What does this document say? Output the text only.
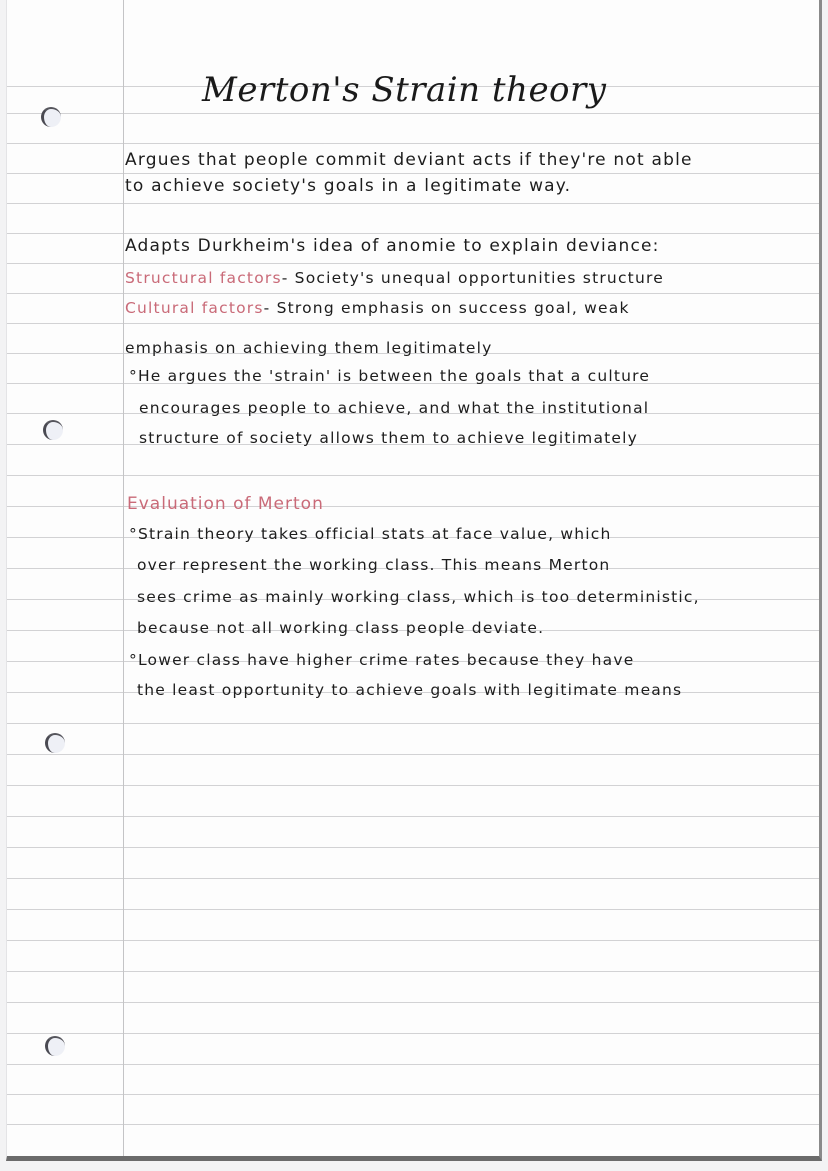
Merton's Strain theory
Argues that people commit deviant acts if they're not able
to achieve society's goals in a legitimate way.
Adapts Durkheim's idea of anomie to explain deviance:
Structural factors- Society's unequal opportunities structure
Cultural factors- Strong emphasis on success goal, weak
emphasis on achieving them legitimately
°He argues the 'strain' is between the goals that a culture
encourages people to achieve, and what the institutional
structure of society allows them to achieve legitimately
Evaluation of Merton
°Strain theory takes official stats at face value, which
over represent the working class. This means Merton
sees crime as mainly working class, which is too deterministic,
because not all working class people deviate.
°Lower class have higher crime rates because they have
the least opportunity to achieve goals with legitimate means
